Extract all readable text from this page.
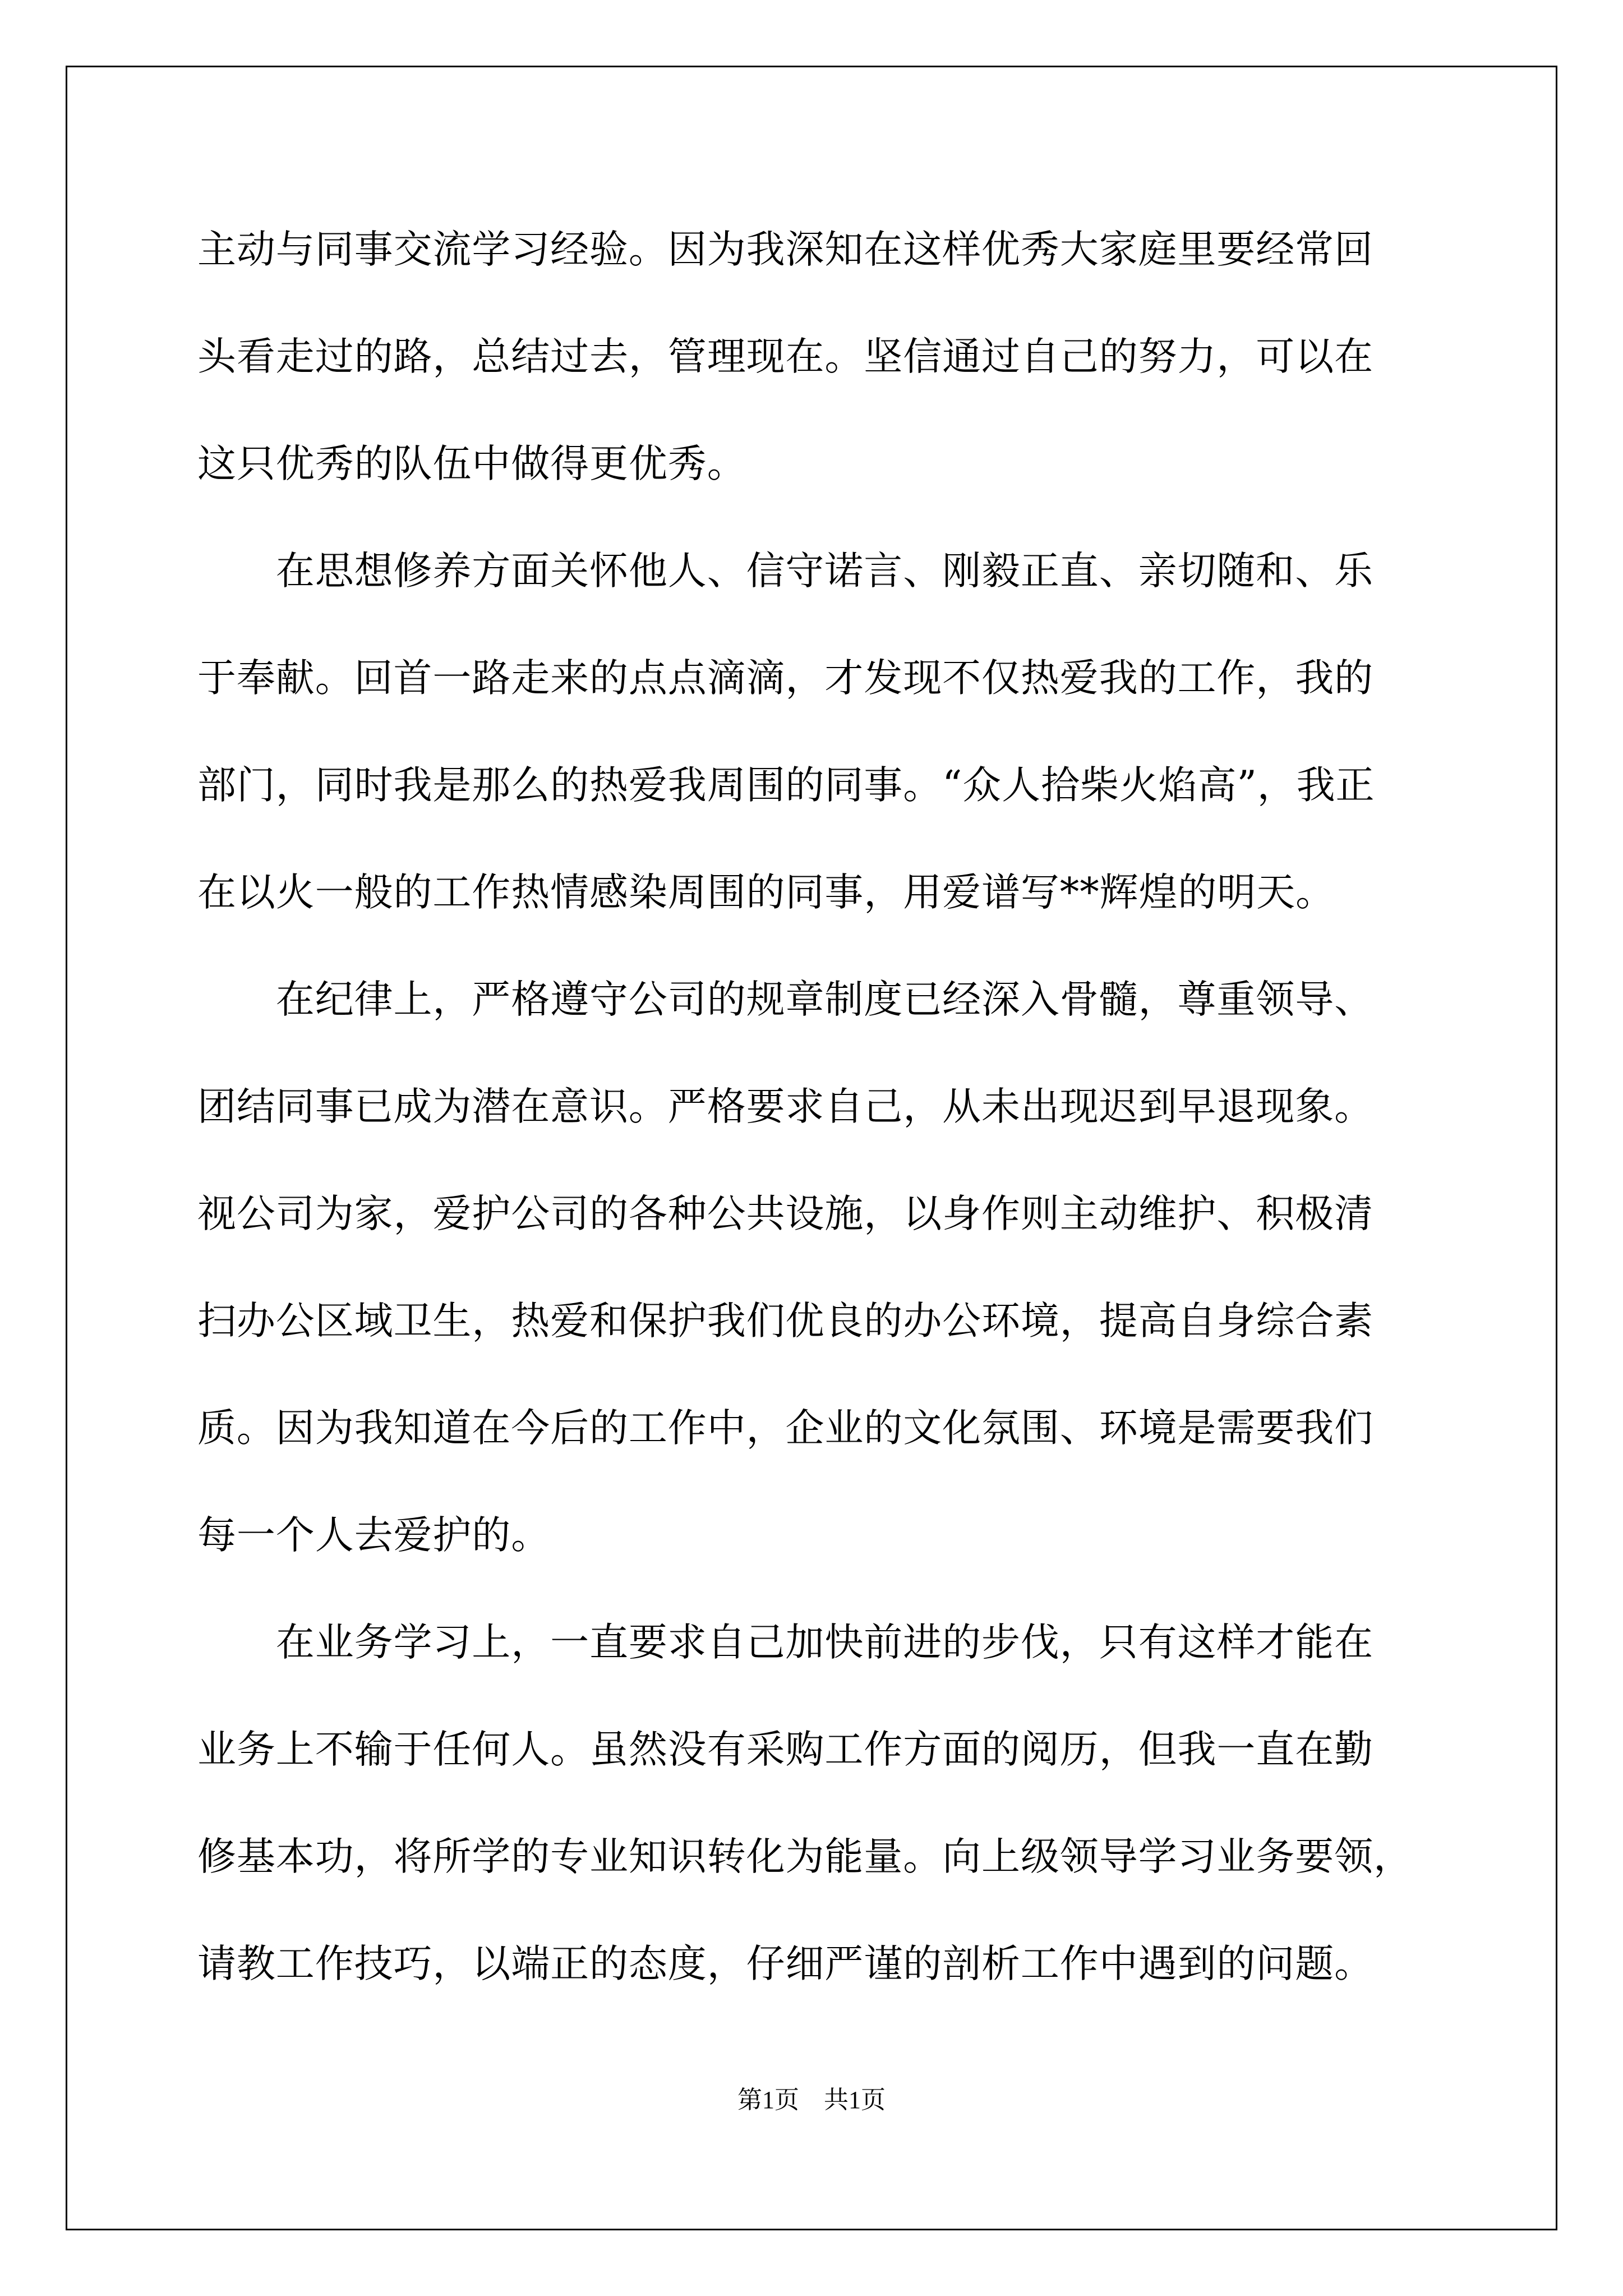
主动与同事交流学习经验。因为我深知在这样优秀大家庭里要经常回
头看走过的路，总结过去，管理现在。坚信通过自己的努力，可以在
这只优秀的队伍中做得更优秀。
　　在思想修养方面关怀他人、信守诺言、刚毅正直、亲切随和、乐
于奉献。回首一路走来的点点滴滴，才发现不仅热爱我的工作，我的
部门，同时我是那么的热爱我周围的同事。“众人拾柴火焰高”，我正
在以火一般的工作热情感染周围的同事，用爱谱写**辉煌的明天。
　　在纪律上，严格遵守公司的规章制度已经深入骨髓，尊重领导、
团结同事已成为潜在意识。严格要求自己，从未出现迟到早退现象。
视公司为家，爱护公司的各种公共设施，以身作则主动维护、积极清
扫办公区域卫生，热爱和保护我们优良的办公环境，提高自身综合素
质。因为我知道在今后的工作中，企业的文化氛围、环境是需要我们
每一个人去爱护的。
　　在业务学习上，一直要求自己加快前进的步伐，只有这样才能在
业务上不输于任何人。虽然没有采购工作方面的阅历，但我一直在勤
修基本功，将所学的专业知识转化为能量。向上级领导学习业务要领，
请教工作技巧，以端正的态度，仔细严谨的剖析工作中遇到的问题。
第1页　共1页
